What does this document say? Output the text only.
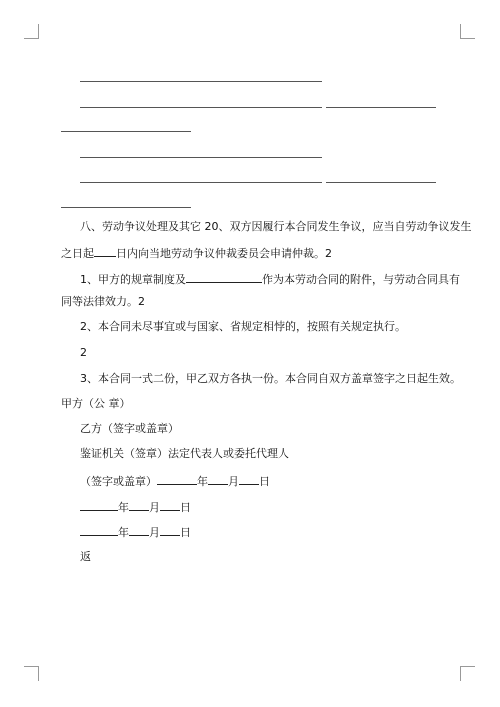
八、劳动争议处理及其它 20、双方因履行本合同发生争议，应当自劳动争议发生
之日起 日内向当地劳动争议仲裁委员会申请仲裁。2
1、甲方的规章制度及	作为本劳动合同的附件，与劳动合同具有
同等法律效力。2
2、本合同未尽事宜或与国家、省规定相悖的，按照有关规定执行。
2
3、本合同一式二份，甲乙双方各执一份。本合同自双方盖章签字之日起生效。
甲方（公 章）
乙方（签字或盖章）
鉴证机关（签章）法定代表人或委托代理人
（签字或盖章）	年 月 日
年 月 日
年 月 日
返
